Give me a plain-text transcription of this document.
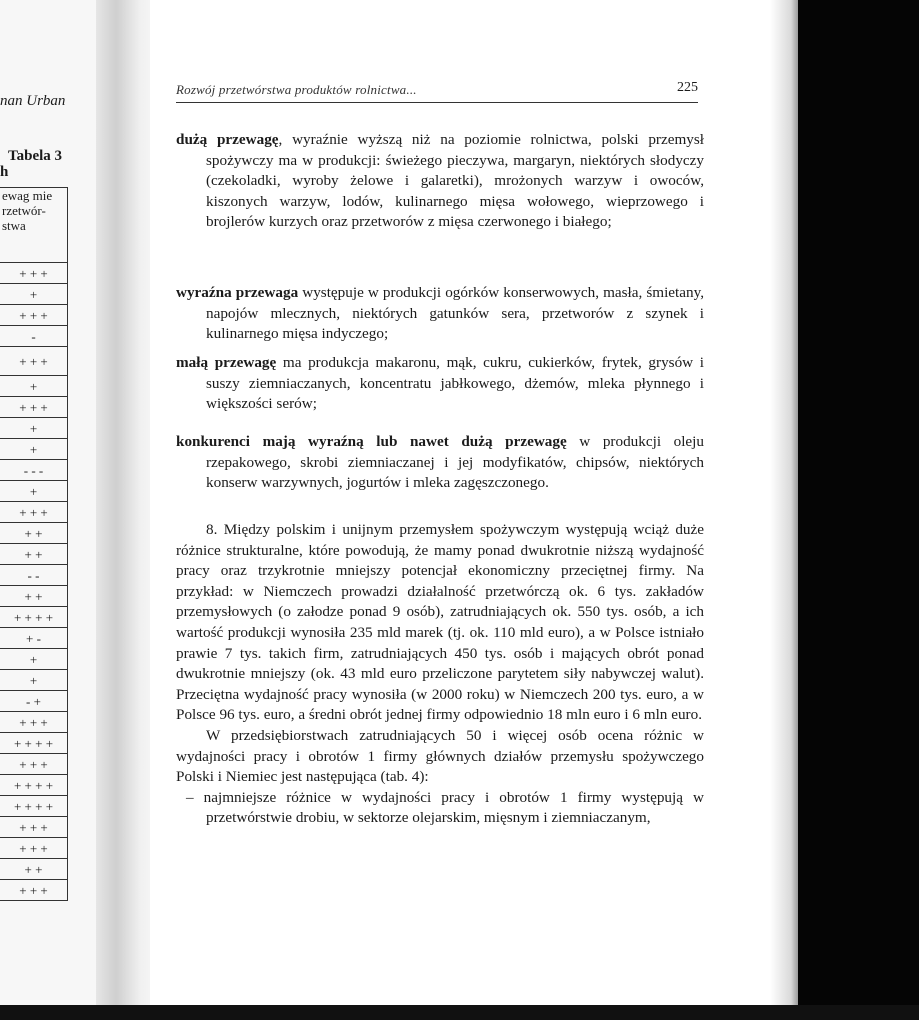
nan Urban
Tabela 3
h
ewag mie rzetwór- stwa
+ + +
+
+ + +
-
+ + +
+
+ + +
+
+
- - -
+
+ + +
+ +
+ +
- -
+ +
+ + + +
+ -
+
+
- +
+ + +
+ + + +
+ + +
+ + + +
+ + + +
+ + +
+ + +
+ +
+ + +
Rozwój przetwórstwa produktów rolnictwa...	225

dużą przewagę, wyraźnie wyższą niż na poziomie rolnictwa, polski przemysł spożywczy ma w produkcji: świeżego pieczywa, margaryn, niektórych słodyczy (czekoladki, wyroby żelowe i galaretki), mrożonych warzyw i owoców, kiszonych warzyw, lodów, kulinarnego mięsa wołowego, wieprzowego i brojlerów kurzych oraz przetworów z mięsa czerwonego i białego;

wyraźna przewaga występuje w produkcji ogórków konserwowych, masła, śmietany, napojów mlecznych, niektórych gatunków sera, przetworów z szynek i kulinarnego mięsa indyczego;

małą przewagę ma produkcja makaronu, mąk, cukru, cukierków, frytek, grysów i suszy ziemniaczanych, koncentratu jabłkowego, dżemów, mleka płynnego i większości serów;

konkurenci mają wyraźną lub nawet dużą przewagę w produkcji oleju rzepakowego, skrobi ziemniaczanej i jej modyfikatów, chipsów, niektórych konserw warzywnych, jogurtów i mleka zagęszczonego.

8. Między polskim i unijnym przemysłem spożywczym występują wciąż duże różnice strukturalne, które powodują, że mamy ponad dwukrotnie niższą wydajność pracy oraz trzykrotnie mniejszy potencjał ekonomiczny przeciętnej firmy. Na przykład: w Niemczech prowadzi działalność przetwórczą ok. 6 tys. zakładów przemysłowych (o załodze ponad 9 osób), zatrudniających ok. 550 tys. osób, a ich wartość produkcji wynosiła 235 mld marek (tj. ok. 110 mld euro), a w Polsce istniało prawie 7 tys. takich firm, zatrudniających 450 tys. osób i mających obrót ponad dwukrotnie mniejszy (ok. 43 mld euro przeliczone parytetem siły nabywczej walut). Przeciętna wydajność pracy wynosiła (w 2000 roku) w Niemczech 200 tys. euro, a w Polsce 96 tys. euro, a średni obrót jednej firmy odpowiednio 18 mln euro i 6 mln euro.

W przedsiębiorstwach zatrudniających 50 i więcej osób ocena różnic w wydajności pracy i obrotów 1 firmy głównych działów przemysłu spożywczego Polski i Niemiec jest następująca (tab. 4):

– najmniejsze różnice w wydajności pracy i obrotów 1 firmy występują w przetwórstwie drobiu, w sektorze olejarskim, mięsnym i ziemniaczanym,
